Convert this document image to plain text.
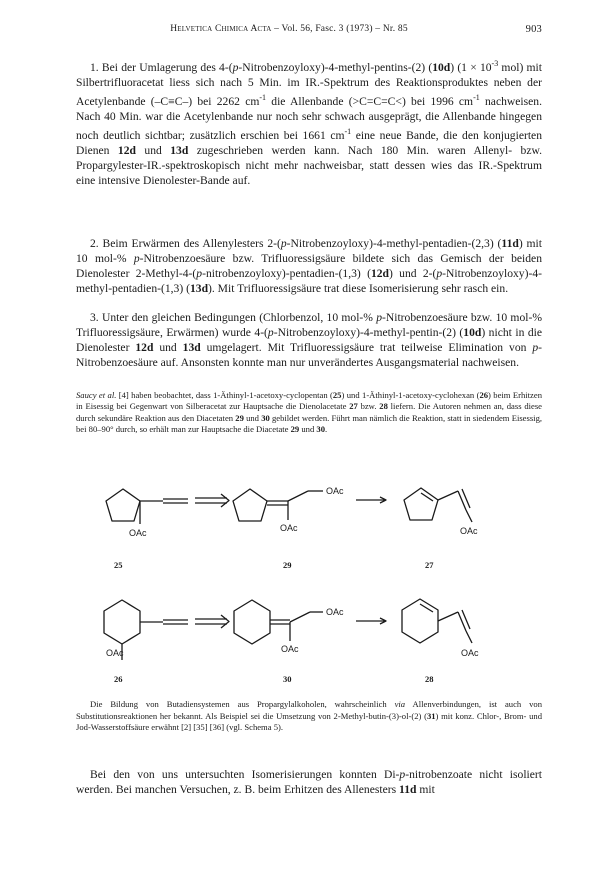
Helvetica Chimica Acta – Vol. 56, Fasc. 3 (1973) – Nr. 85	903

1. Bei der Umlagerung des 4-(p-Nitrobenzoyloxy)-4-methyl-pentins-(2) (10d) ($1 \times 10^{-3}$ mol) mit Silbertrifluoracetat liess sich nach 5 Min. im IR.-Spektrum des Reaktionsproduktes neben der Acetylenbande (–C≡C–) bei 2262 $cm^{-1}$ die Allenbande (>C=C=C<) bei 1996 $cm^{-1}$ nachweisen. Nach 40 Min. war die Acetylenbande nur noch sehr schwach ausgeprägt, die Allenbande hingegen noch deutlich sichtbar; zusätzlich erschien bei 1661 $cm^{-1}$ eine neue Bande, die den konjugierten Dienen 12d und 13d zugeschrieben werden kann. Nach 180 Min. waren Allenyl- bzw. Propargylester-IR.-spektroskopisch nicht mehr nachweisbar, statt dessen wies das IR.-Spektrum eine intensive Dienolester-Bande auf.

2. Beim Erwärmen des Allenylesters 2-(p-Nitrobenzoyloxy)-4-methyl-pentadien-(2,3) (11d) mit 10 mol-% p-Nitrobenzoesäure bzw. Trifluoressigsäure bildete sich das Gemisch der beiden Dienolester 2-Methyl-4-(p-nitrobenzoyloxy)-pentadien-(1,3) (12d) und 2-(p-Nitrobenzoyloxy)-4-methyl-pentadien-(1,3) (13d). Mit Trifluoressigsäure trat diese Isomerisierung sehr rasch ein.

3. Unter den gleichen Bedingungen (Chlorbenzol, 10 mol-% p-Nitrobenzoesäure bzw. 10 mol-% Trifluoressigsäure, Erwärmen) wurde 4-(p-Nitrobenzoyloxy)-4-methyl-pentin-(2) (10d) nicht in die Dienolester 12d und 13d umgelagert. Mit Trifluoressigsäure trat teilweise Elimination von p-Nitrobenzoesäure auf. Ansonsten konnte man nur unverändertes Ausgangsmaterial nachweisen.

Saucy et al. [4] haben beobachtet, dass 1-Äthinyl-1-acetoxy-cyclopentan (25) und 1-Äthinyl-1-acetoxy-cyclohexan (26) beim Erhitzen in Eisessig bei Gegenwart von Silberacetat zur Hauptsache die Dienolacetate 27 bzw. 28 liefern. Die Autoren nehmen an, dass diese durch sekundäre Reaktion aus den Diacetaten 29 und 30 gebildet werden. Führt man nämlich die Reaktion, statt in siedendem Eisessig, bei 80–90° durch, so erhält man zur Hauptsache die Diacetate 29 und 30.

OAc
OAc
OAc	OAc
OAc
OAc
OAc	OAc
25	29	27
26	30	28

Die Bildung von Butadiensystemen aus Propargylalkoholen, wahrscheinlich via Allenverbindungen, ist auch von Substitutionsreaktionen her bekannt. Als Beispiel sei die Umsetzung von 2-Methyl-butin-(3)-ol-(2) (31) mit konz. Chlor-, Brom- und Jod-Wasserstoffsäure erwähnt [2] [35] [36] (vgl. Schema 5).

Bei den von uns untersuchten Isomerisierungen konnten Di-p-nitrobenzoate nicht isoliert werden. Bei manchen Versuchen, z. B. beim Erhitzen des Allenesters 11d mit
